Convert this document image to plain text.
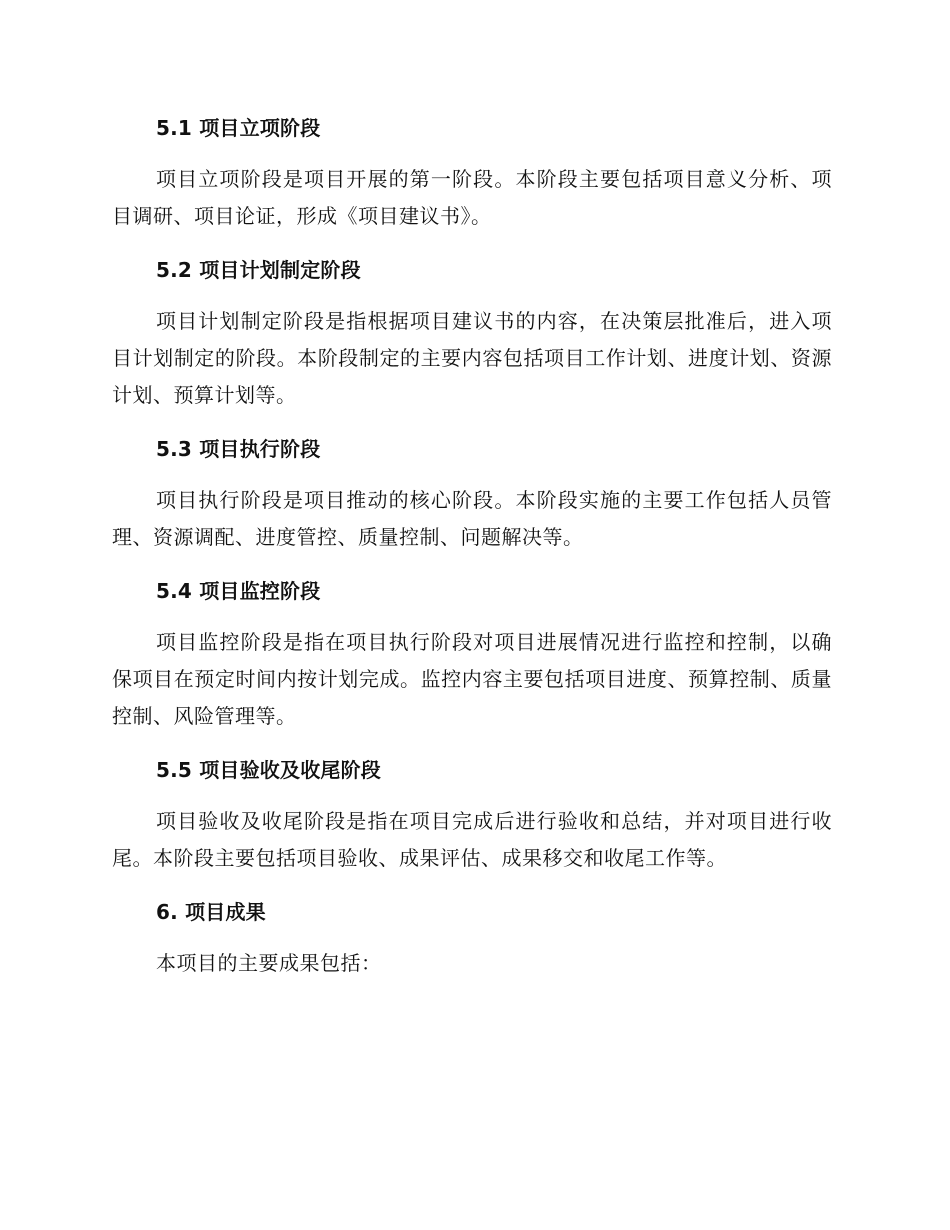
5.1 项目立项阶段

项目立项阶段是项目开展的第一阶段。本阶段主要包括项目意义分析、项目调研、项目论证，形成《项目建议书》。

5.2 项目计划制定阶段

项目计划制定阶段是指根据项目建议书的内容，在决策层批准后，进入项目计划制定的阶段。本阶段制定的主要内容包括项目工作计划、进度计划、资源计划、预算计划等。

5.3 项目执行阶段

项目执行阶段是项目推动的核心阶段。本阶段实施的主要工作包括人员管理、资源调配、进度管控、质量控制、问题解决等。

5.4 项目监控阶段

项目监控阶段是指在项目执行阶段对项目进展情况进行监控和控制，以确保项目在预定时间内按计划完成。监控内容主要包括项目进度、预算控制、质量控制、风险管理等。

5.5 项目验收及收尾阶段

项目验收及收尾阶段是指在项目完成后进行验收和总结，并对项目进行收尾。本阶段主要包括项目验收、成果评估、成果移交和收尾工作等。

6. 项目成果

本项目的主要成果包括：
